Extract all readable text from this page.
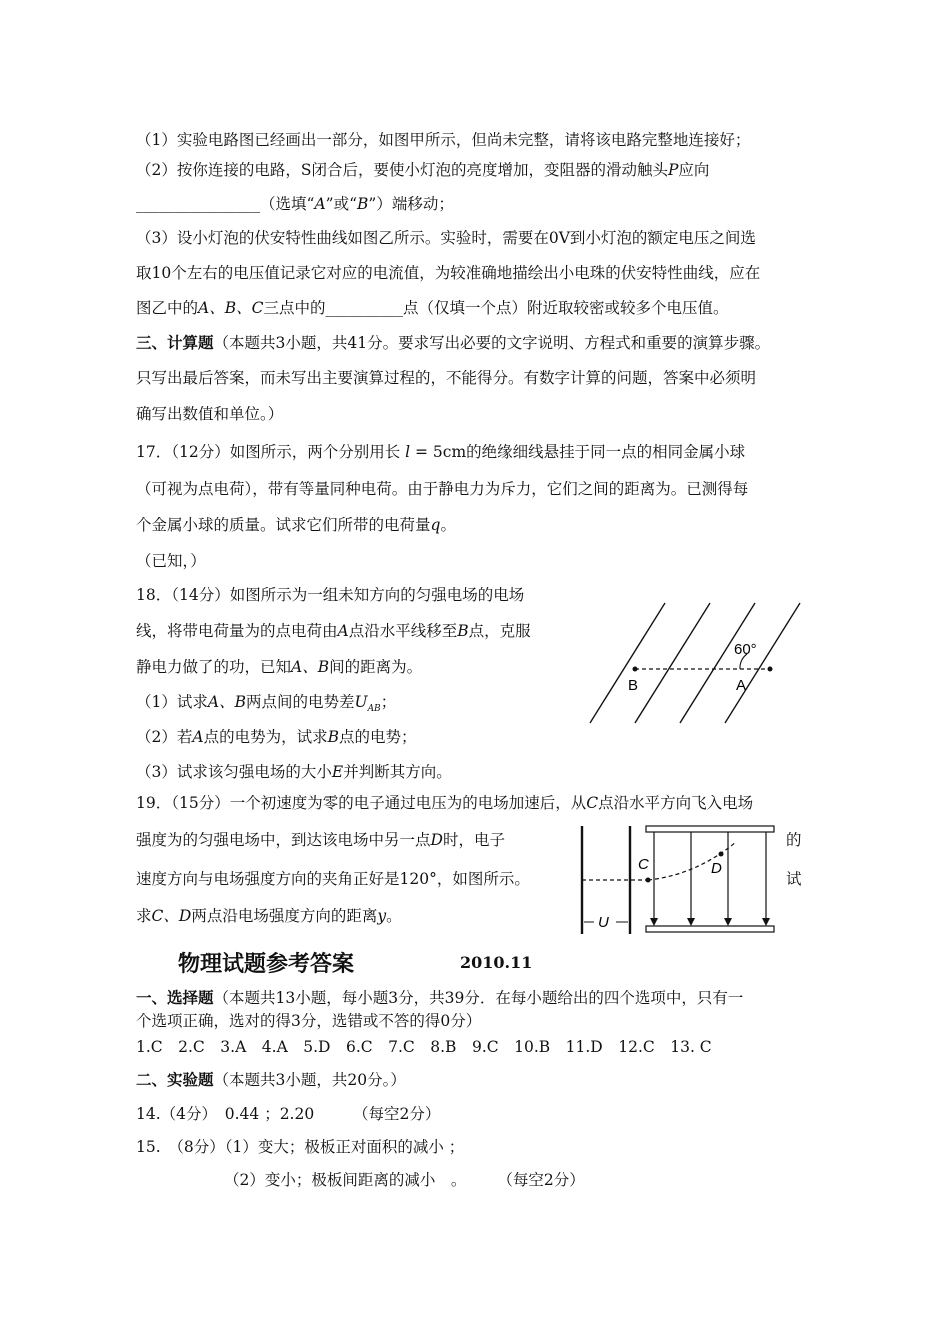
（1）实验电路图已经画出一部分，如图甲所示，但尚未完整，请将该电路完整地连接好；
（2）按你连接的电路，S闭合后，要使小灯泡的亮度增加，变阻器的滑动触头P应向
________________（选填“A”或“B”）端移动；
（3）设小灯泡的伏安特性曲线如图乙所示。实验时，需要在0V到小灯泡的额定电压之间选
取10个左右的电压值记录它对应的电流值，为较准确地描绘出小电珠的伏安特性曲线，应在
图乙中的A、B、C三点中的__________点（仅填一个点）附近取较密或较多个电压值。
三、计算题（本题共3小题，共41分。要求写出必要的文字说明、方程式和重要的演算步骤。
只写出最后答案，而未写出主要演算过程的，不能得分。有数字计算的问题，答案中必须明
确写出数值和单位。）
17．（12分）如图所示，两个分别用长 l = 5cm的绝缘细线悬挂于同一点的相同金属小球
（可视为点电荷），带有等量同种电荷。由于静电力为斥力，它们之间的距离为。已测得每
个金属小球的质量。试求它们所带的电荷量q。
（已知，）
18．（14分）如图所示为一组未知方向的匀强电场的电场
线，将带电荷量为的点电荷由A点沿水平线移至B点，克服
静电力做了的功，已知A、B间的距离为。
（1）试求A、B两点间的电势差$U_{AB}$；
（2）若A点的电势为，试求B点的电势；
（3）试求该匀强电场的大小E并判断其方向。
60°
B	A
19．（15分）一个初速度为零的电子通过电压为的电场加速后，从C点沿水平方向飞入电场
强度为的匀强电场中，到达该电场中另一点D时，电子	的
速度方向与电场强度方向的夹角正好是120°，如图所示。	试
求C、D两点沿电场强度方向的距离y。
C	D
U
物理试题参考答案	2010.11
一、选择题（本题共13小题，每小题3分，共39分．在每小题给出的四个选项中，只有一
个选项正确，选对的得3分，选错或不答的得0分）
1.C　2.C　3.A　4.A　5.D　6.C　7.C　8.B　9.C　10.B　11.D　12.C　13. C
二、实验题（本题共3小题，共20分。）
14.（4分）　0.44 ；2.20　　　（每空2分）
15.　（8分）（1）变大；极板正对面积的减小 ；
（2）变小；极板间距离的减小　。　　　（每空2分）
